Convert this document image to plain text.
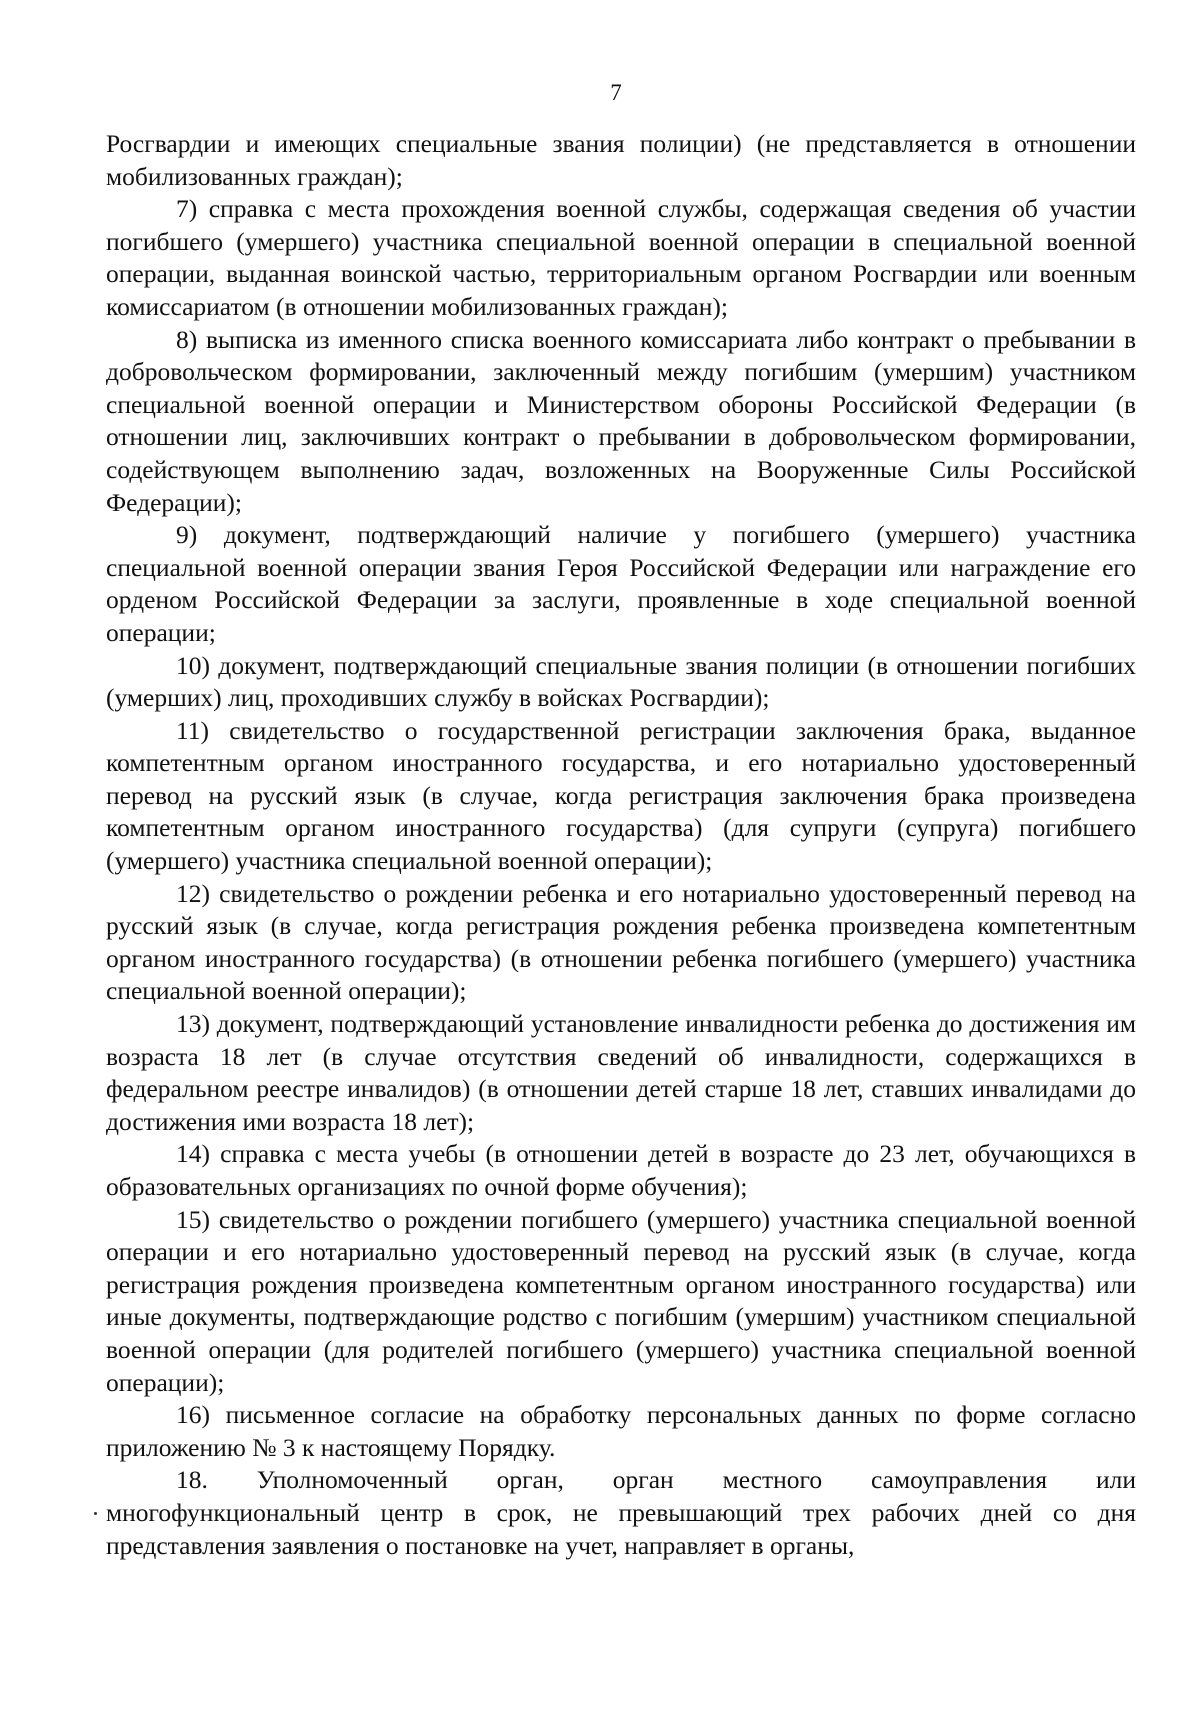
7

Росгвардии и имеющих специальные звания полиции) (не представляется в отношении мобилизованных граждан);

7) справка с места прохождения военной службы, содержащая сведения об участии погибшего (умершего) участника специальной военной операции в специальной военной операции, выданная воинской частью, территориальным органом Росгвардии или военным комиссариатом (в отношении мобилизованных граждан);

8) выписка из именного списка военного комиссариата либо контракт о пребывании в добровольческом формировании, заключенный между погибшим (умершим) участником специальной военной операции и Министерством обороны Российской Федерации (в отношении лиц, заключивших контракт о пребывании в добровольческом формировании, содействующем выполнению задач, возложенных на Вооруженные Силы Российской Федерации);

9) документ, подтверждающий наличие у погибшего (умершего) участника специальной военной операции звания Героя Российской Федерации или награждение его орденом Российской Федерации за заслуги, проявленные в ходе специальной военной операции;

10) документ, подтверждающий специальные звания полиции (в отношении погибших (умерших) лиц, проходивших службу в войсках Росгвардии);

11) свидетельство о государственной регистрации заключения брака, выданное компетентным органом иностранного государства, и его нотариально удостоверенный перевод на русский язык (в случае, когда регистрация заключения брака произведена компетентным органом иностранного государства) (для супруги (супруга) погибшего (умершего) участника специальной военной операции);

12) свидетельство о рождении ребенка и его нотариально удостоверенный перевод на русский язык (в случае, когда регистрация рождения ребенка произведена компетентным органом иностранного государства) (в отношении ребенка погибшего (умершего) участника специальной военной операции);

13) документ, подтверждающий установление инвалидности ребенка до достижения им возраста 18 лет (в случае отсутствия сведений об инвалидности, содержащихся в федеральном реестре инвалидов) (в отношении детей старше 18 лет, ставших инвалидами до достижения ими возраста 18 лет);

14) справка с места учебы (в отношении детей в возрасте до 23 лет, обучающихся в образовательных организациях по очной форме обучения);

15) свидетельство о рождении погибшего (умершего) участника специальной военной операции и его нотариально удостоверенный перевод на русский язык (в случае, когда регистрация рождения произведена компетентным органом иностранного государства) или иные документы, подтверждающие родство с погибшим (умершим) участником специальной военной операции (для родителей погибшего (умершего) участника специальной военной операции);

16) письменное согласие на обработку персональных данных по форме согласно приложению № 3 к настоящему Порядку.

18. Уполномоченный орган, орган местного самоуправления или многофункциональный центр в срок, не превышающий трех рабочих дней со дня представления заявления о постановке на учет, направляет в органы,
